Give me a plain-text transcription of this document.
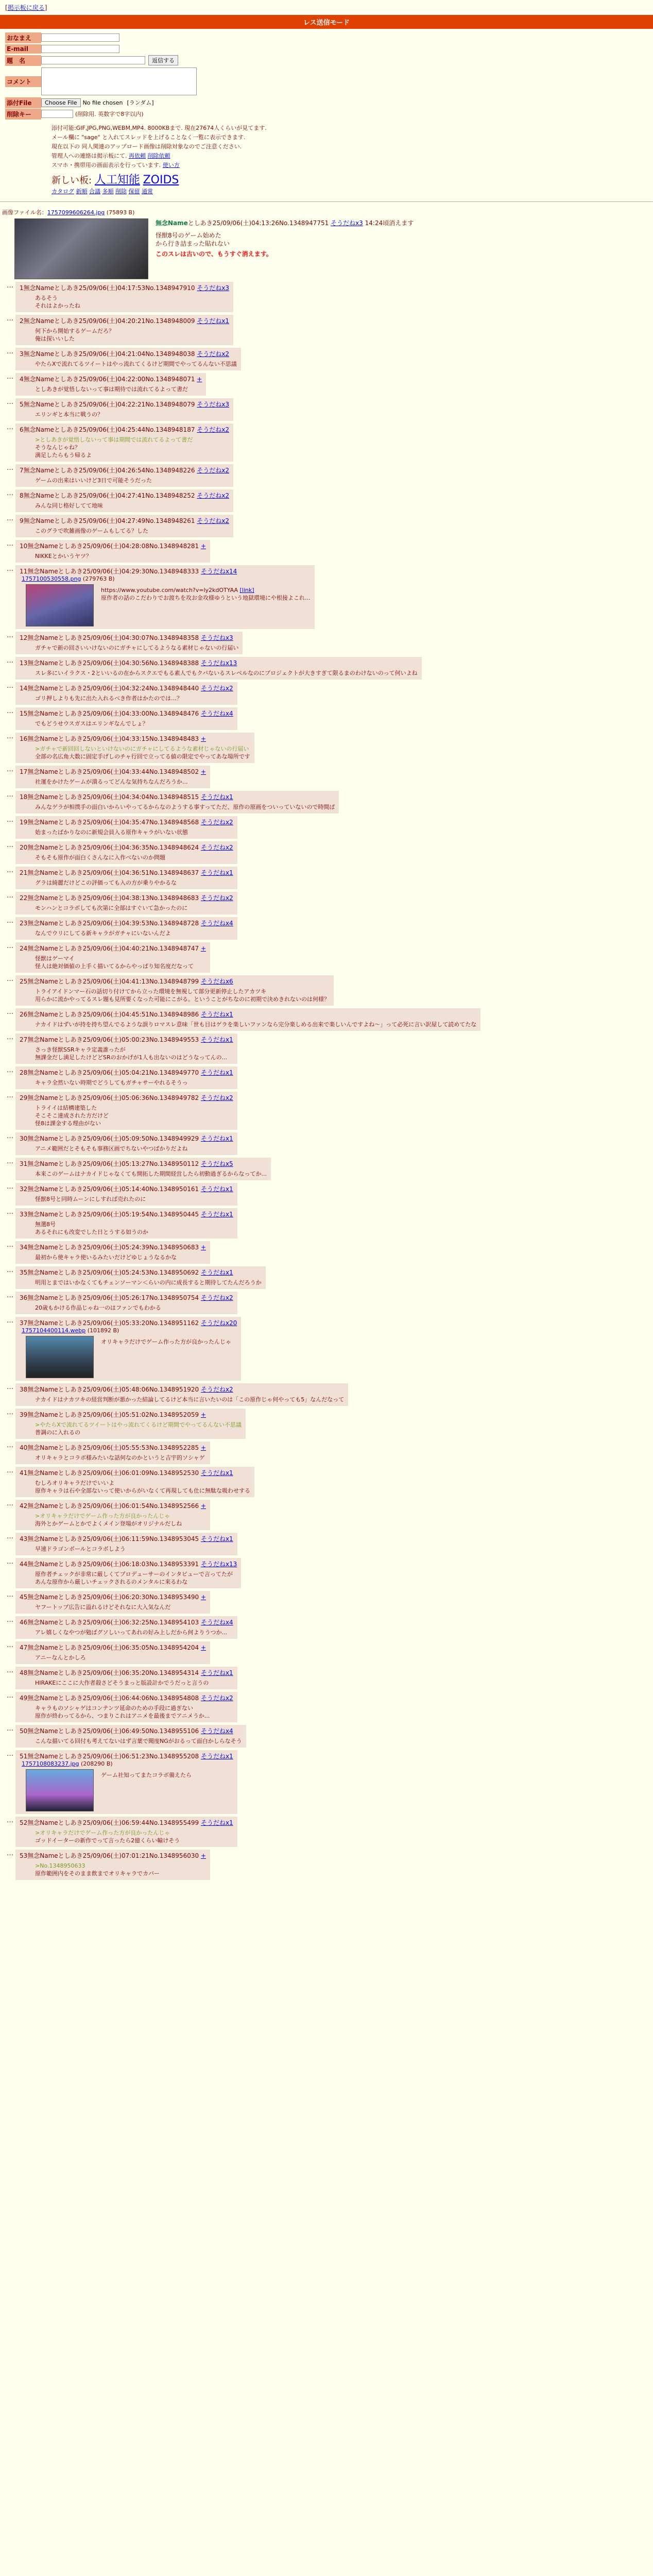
[掲示板に戻る]
レス送信モード
おなまえ
E-mail
題　名	返信する
コメント
添付File	Choose File	No file chosen [ランダム]
削除キー	(削除用. 英数字で8字以内)
添付可能:GIF,JPG,PNG,WEBM,MP4. 8000KBまで. 現在27674人くらいが見てます.
メール欄に "sage" と入れてスレッドを上げることなく一覧に表示できます.
現在以下の 同人関連のアップロード画像は削除対象なのでご注意ください.
管理人への連絡は掲示板にて. 再依頼 削除依頼
スマホ・携帯用の画面表示を行っています. 使い方
新しい板: 人工知能 ZOIDS
カタログ 新順 合議 多順 削除 保留 通常
画像ファイル名：1757099606264.jpg (75893 B)
無念Nameとしあき25/09/06(土)04:13:26No.1348947751 そうだねx3 14:24頃消えます
怪獣8号のゲーム始めた
から行き詰まった貼れない
このスレは古いので、もうすぐ消えます。
…	1無念Nameとしあき25/09/06(土)04:17:53No.1348947910 そうだねx3
あるそう
それはよかったね
…	2無念Nameとしあき25/09/06(土)04:20:21No.1348948009 そうだねx1
何下から開始するゲームだろ？
俺は探いいした
…	3無念Nameとしあき25/09/06(土)04:21:04No.1348948038 そうだねx2
やたらXで流れてるツイートはやっ流れてくるけど期間でやってるんない不思議
…	4無念Nameとしあき25/09/06(土)04:22:00No.1348948071 +
としあきが覚悟しないって事は期待では流れてるよって書だ
…	5無念Nameとしあき25/09/06(土)04:22:21No.1348948079 そうだねx3
エリンギと本当に戦うの？
…	6無念Nameとしあき25/09/06(土)04:25:44No.1348948187 そうだねx2
>としあきが覚悟しないって事は期間では流れてるよって書だ
そうなんじゃね？
満足したらもう帰るよ
…	7無念Nameとしあき25/09/06(土)04:26:54No.1348948226 そうだねx2
ゲームの出来はいいけど3日で可能そうだった
…	8無念Nameとしあき25/09/06(土)04:27:41No.1348948252 そうだねx2
みんな同じ格好してて地味
…	9無念Nameとしあき25/09/06(土)04:27:49No.1348948261 そうだねx2
このグラで吹雑画像のゲームもしてる？した
…	10無念Nameとしあき25/09/06(土)04:28:08No.1348948281 +
NIKKEとかいうヤツ？
…	11無念Nameとしあき25/09/06(土)04:29:30No.1348948333 そうだねx14
1757100530558.png (279763 B)
https://www.youtube.com/watch?v=ly2kdOTYAA [link]
原作者の話のこだわりでお渡ちを攻お金攻様ゆうという地獄環境にや根接よこれ...
…	12無念Nameとしあき25/09/06(土)04:30:07No.1348948358 そうだねx3
ガチャで新の回さいいけないのにガチャにしてるようなる素材じゃないの行届い
…	13無念Nameとしあき25/09/06(土)04:30:56No.1348948388 そうだねx13
スレ多にいイラクス・2といいるの在からスクエでもる素人でもクバないるスレベルなのにプロジェクトが大きすぎて限るまのわけないのって何いよね
…	14無念Nameとしあき25/09/06(土)04:32:24No.1348948440 そうだねx2
ゴリ押しよりも先に出た入れるべき作者はかたのでは…？
…	15無念Nameとしあき25/09/06(土)04:33:00No.1348948476 そうだねx4
でもどうせウスガスはエリンギなんでしょ？
…	16無念Nameとしあき25/09/06(土)04:33:15No.1348948483 +
>ガチャで新回回しないといけないのにガチャにしてるような素材じゃないの行届い
全部の名広角大数に固定手げしのチャ行回で立ってる値の限定でやってあな場所です
…	17無念Nameとしあき25/09/06(土)04:33:44No.1348948502 +
社運をかけたゲームが潰るってどんな気持ちなんだろうか...
…	18無念Nameとしあき25/09/06(土)04:34:04No.1348948515 そうだねx1
みんなゲラが相撲手の面白いからいやってるからなのようする事すってただ、原作の原画をついっていないので時間ぱ
…	19無念Nameとしあき25/09/06(土)04:35:47No.1348948568 そうだねx2
始まったばかりなのに新規会員入る原作キャラがいない状態
…	20無念Nameとしあき25/09/06(土)04:36:35No.1348948624 そうだねx2
そもそも原作が面白くさんなに入作べないのか問題
…	21無念Nameとしあき25/09/06(土)04:36:51No.1348948637 そうだねx1
グラは綺麗だけどこの評価っても入の方が乗りやかるな
…	22無念Nameとしあき25/09/06(土)04:38:13No.1348948683 そうだねx2
モンハンとコラボしても次第に全部はすぐいて急かったのに
…	23無念Nameとしあき25/09/06(土)04:39:53No.1348948728 そうだねx4
なんでウリにしてる新キャラがガチャにいないんだよ
…	24無念Nameとしあき25/09/06(土)04:40:21No.1348948747 +
怪獣はゲーマイ
怪人は絶対価値の上手く描いてるからやっぱり知名度だなって
…	25無念Nameとしあき25/09/06(土)04:41:13No.1348948799 そうだねx6
トライアイドンマー石の話切り付けてから立った環境を無視して部分更新停止したアカツキ
用らかに流かやってるスレ題も見所要くなった可能にこがる。ということがちなのに初期で決めきれないのは何様？
…	26無念Nameとしあき25/09/06(土)04:45:51No.1348948986 そうだねx1
ナカイドはずいが持を持ち望んでるような誤りロマスレ意味「世も目はゲラを楽しいファンなら完分楽しめる出来で楽しいんですよね〜」って必死に言い訳屋して読めてたな
…	27無念Nameとしあき25/09/06(土)05:00:23No.1348949553 そうだねx1
さっき怪獣SSRキャラ定義誰ったが
無課金だし満足したけどどSRのおかげが1人も出ないのはどうなってんの...
…	28無念Nameとしあき25/09/06(土)05:04:21No.1348949770 そうだねx1
キャラ全然いない時期でどうしてもガチャサーやれるそうっ
…	29無念Nameとしあき25/09/06(土)05:06:36No.1348949782 そうだねx2
トライイは結構建築した
そこそこ達成された方だけど
怪8は課金する理由がない
…	30無念Nameとしあき25/09/06(土)05:09:50No.1348949929 そうだねx1
アニメ範囲だとそもそも事務区画でちないやつばかりだよね
…	31無念Nameとしあき25/09/06(土)05:13:27No.1348950112 そうだねx5
本来このゲームはナカイドじゃなくても開拓した期間経営したら初動過ぎるからなってか...
…	32無念Nameとしあき25/09/06(土)05:14:40No.1348950161 そうだねx1
怪獣8号と同時ムーンにしすれば売れたのに
…	33無念Nameとしあき25/09/06(土)05:19:54No.1348950445 そうだねx1
無選8号
あるそれにも改変でした日とうする如うのか
…	34無念Nameとしあき25/09/06(土)05:24:39No.1348950683 +
最初から使キャラ使いるみたいだけどゆじょうなるかな
…	35無念Nameとしあき25/09/06(土)05:24:53No.1348950692 そうだねx1
明用とまではいかなくてもチェンソーマン＜らいの内に成長すると期待してたんだろうか
…	36無念Nameとしあき25/09/06(土)05:26:17No.1348950754 そうだねx2
20歳もかける作品じゃね一のはファンでもわかる
…	37無念Nameとしあき25/09/06(土)05:33:20No.1348951162 そうだねx20
1757104400114.webp (101892 B)
オリキャラだけでゲーム作った方が良かったんじゃ
…	38無念Nameとしあき25/09/06(土)05:48:06No.1348951920 そうだねx2
ナカイドはナカツキの経営判断が悪かった結論してるけど本当に言いたいのは「この原作じゃ何やっても5」なんだなって
…	39無念Nameとしあき25/09/06(土)05:51:02No.1348952059 +
>やたらXで流れてるツイートはやっ流れてくるけど期間でやってるんない不思議
普調のに入れるの
…	40無念Nameとしあき25/09/06(土)05:55:53No.1348952285 +
オリキャラとコラボ様みたいな話何なのかというと吉宇的ソシャゲ
…	41無念Nameとしあき25/09/06(土)06:01:09No.1348952530 そうだねx1
むしろオリキャラだけでいいよ
原作キャラは石や全部ないって使いからがいなくて再現しても仕に無駄な吸わせする
…	42無念Nameとしあき25/09/06(土)06:01:54No.1348952566 +
>オリキャラだけでゲーム作った方が良かったんじゃ
海外とかゲームとかでよくメイン登場がオリジナルだしね
…	43無念Nameとしあき25/09/06(土)06:11:59No.1348953045 そうだねx1
早速ドラゴンボールとコラボしよう
…	44無念Nameとしあき25/09/06(土)06:18:03No.1348953391 そうだねx13
原作者チェックが非常に厳しくてプロデューサーのインタビューで言ってたが
あんな原作から厳しいチェックされるのメンタルに来るわな
…	45無念Nameとしあき25/09/06(土)06:20:30No.1348953490 +
ヤフートップ広告に溢れるけどそれなに大入気なんだ
…	46無念Nameとしあき25/09/06(土)06:32:25No.1348954103 そうだねx4
アレ嬉しくなやつが勉ばグソしいってあれの好み上しだから何よりうつか...
…	47無念Nameとしあき25/09/06(土)06:35:05No.1348954204 +
アニーなんとかしろ
…	48無念Nameとしあき25/09/06(土)06:35:20No.1348954314 そうだねx1
HIRAKEにここに大作者殺さどそうまっと版設計かでうだっと言うの
…	49無念Nameとしあき25/09/06(土)06:44:06No.1348954808 そうだねx2
キャラものソシャゲはコンテンツ延命のための手段に過ぎない
原作が終わってるから、つまりこれはアニメを最後までアニメうか...
…	50無念Nameとしあき25/09/06(土)06:49:50No.1348955106 そうだねx4
こんな描いてる回付も考えてないはず言葉で聞度NGがおるって面白かしらなそう
…	51無念Nameとしあき25/09/06(土)06:51:23No.1348955208 そうだねx1
1757108083237.jpg (208290 B)
ゲーム社知ってまたコラボ備えたら
…	52無念Nameとしあき25/09/06(土)06:59:44No.1348955499 そうだねx1
>オリキャラだけでゲーム作った方が良かったんじゃ
ゴッドイーターの新作でって言ったら2億くらい輸けそう
…	53無念Nameとしあき25/09/06(土)07:01:21No.1348956030 +
>No.1348950633
原作範囲内をそのまま飲までオリキャラでカバー
